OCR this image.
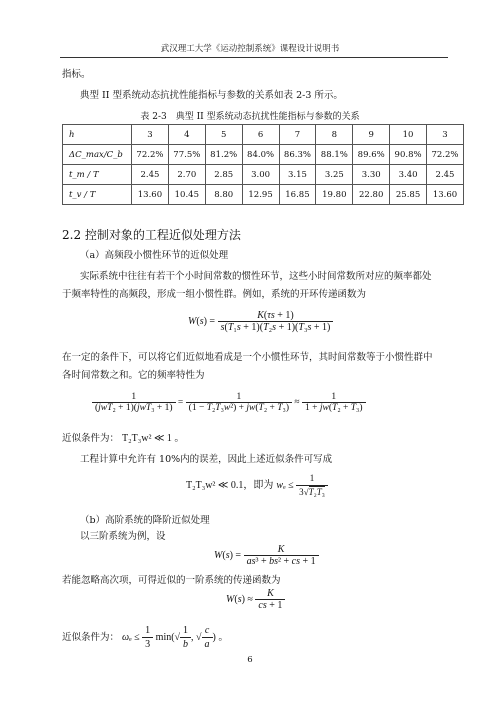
武汉理工大学《运动控制系统》课程设计说明书
指标。
典型 II 型系统动态抗扰性能指标与参数的关系如表 2-3 所示。
表 2-3　典型 II 型系统动态抗扰性能指标与参数的关系
h	3	4	5	6	7	8	9	10	3
ΔC_max/C_b	72.2%	77.5%	81.2%	84.0%	86.3%	88.1%	89.6%	90.8%	72.2%
t_m / T	2.45	2.70	2.85	3.00	3.15	3.25	3.30	3.40	2.45
t_v / T	13.60	10.45	8.80	12.95	16.85	19.80	22.80	25.85	13.60
2.2 控制对象的工程近似处理方法
（a）高频段小惯性环节的近似处理
实际系统中往往有若干个小时间常数的惯性环节，这些小时间常数所对应的频率都处
于频率特性的高频段，形成一组小惯性群。例如，系统的开环传递函数为
$W(s) = \frac{K(\tau s + 1)}{\text{s(T₁s + 1)(T₂s + 1)(T₃s + 1)}}$
在一定的条件下，可以将它们近似地看成是一个小惯性环节，其时间常数等于小惯性群中
各时间常数之和。它的频率特性为
$\frac{1}{\text{(jwT₂ + 1)(jwT₃ + 1)}} = \frac{1}{\text{(1 − T₂T₃w²) + jw(T₂ + T₃)}} \approx \frac{1}{\text{1 + jw(T₂ + T₃)}}$
近似条件为： T₂T₃w² ≪ 1 。
工程计算中允许有 10%内的误差，因此上述近似条件可写成
T₂T₃w² ≪ 0.1，即为 $w_e \le \frac{1}{\text{3√T₂T₃}}$
（b）高阶系统的降阶近似处理
以三阶系统为例，设
$W(s) = \frac{K}{\text{as³ + bs² + cs + 1}}$
若能忽略高次项，可得近似的一阶系统的传递函数为
$W(s) \approx \frac{K}{cs + 1}$
近似条件为： $\omega_e \le \frac{1}{3} \min(√ \frac{1}{b}$ , √ $\frac{c}{a}$ ) 。
6
